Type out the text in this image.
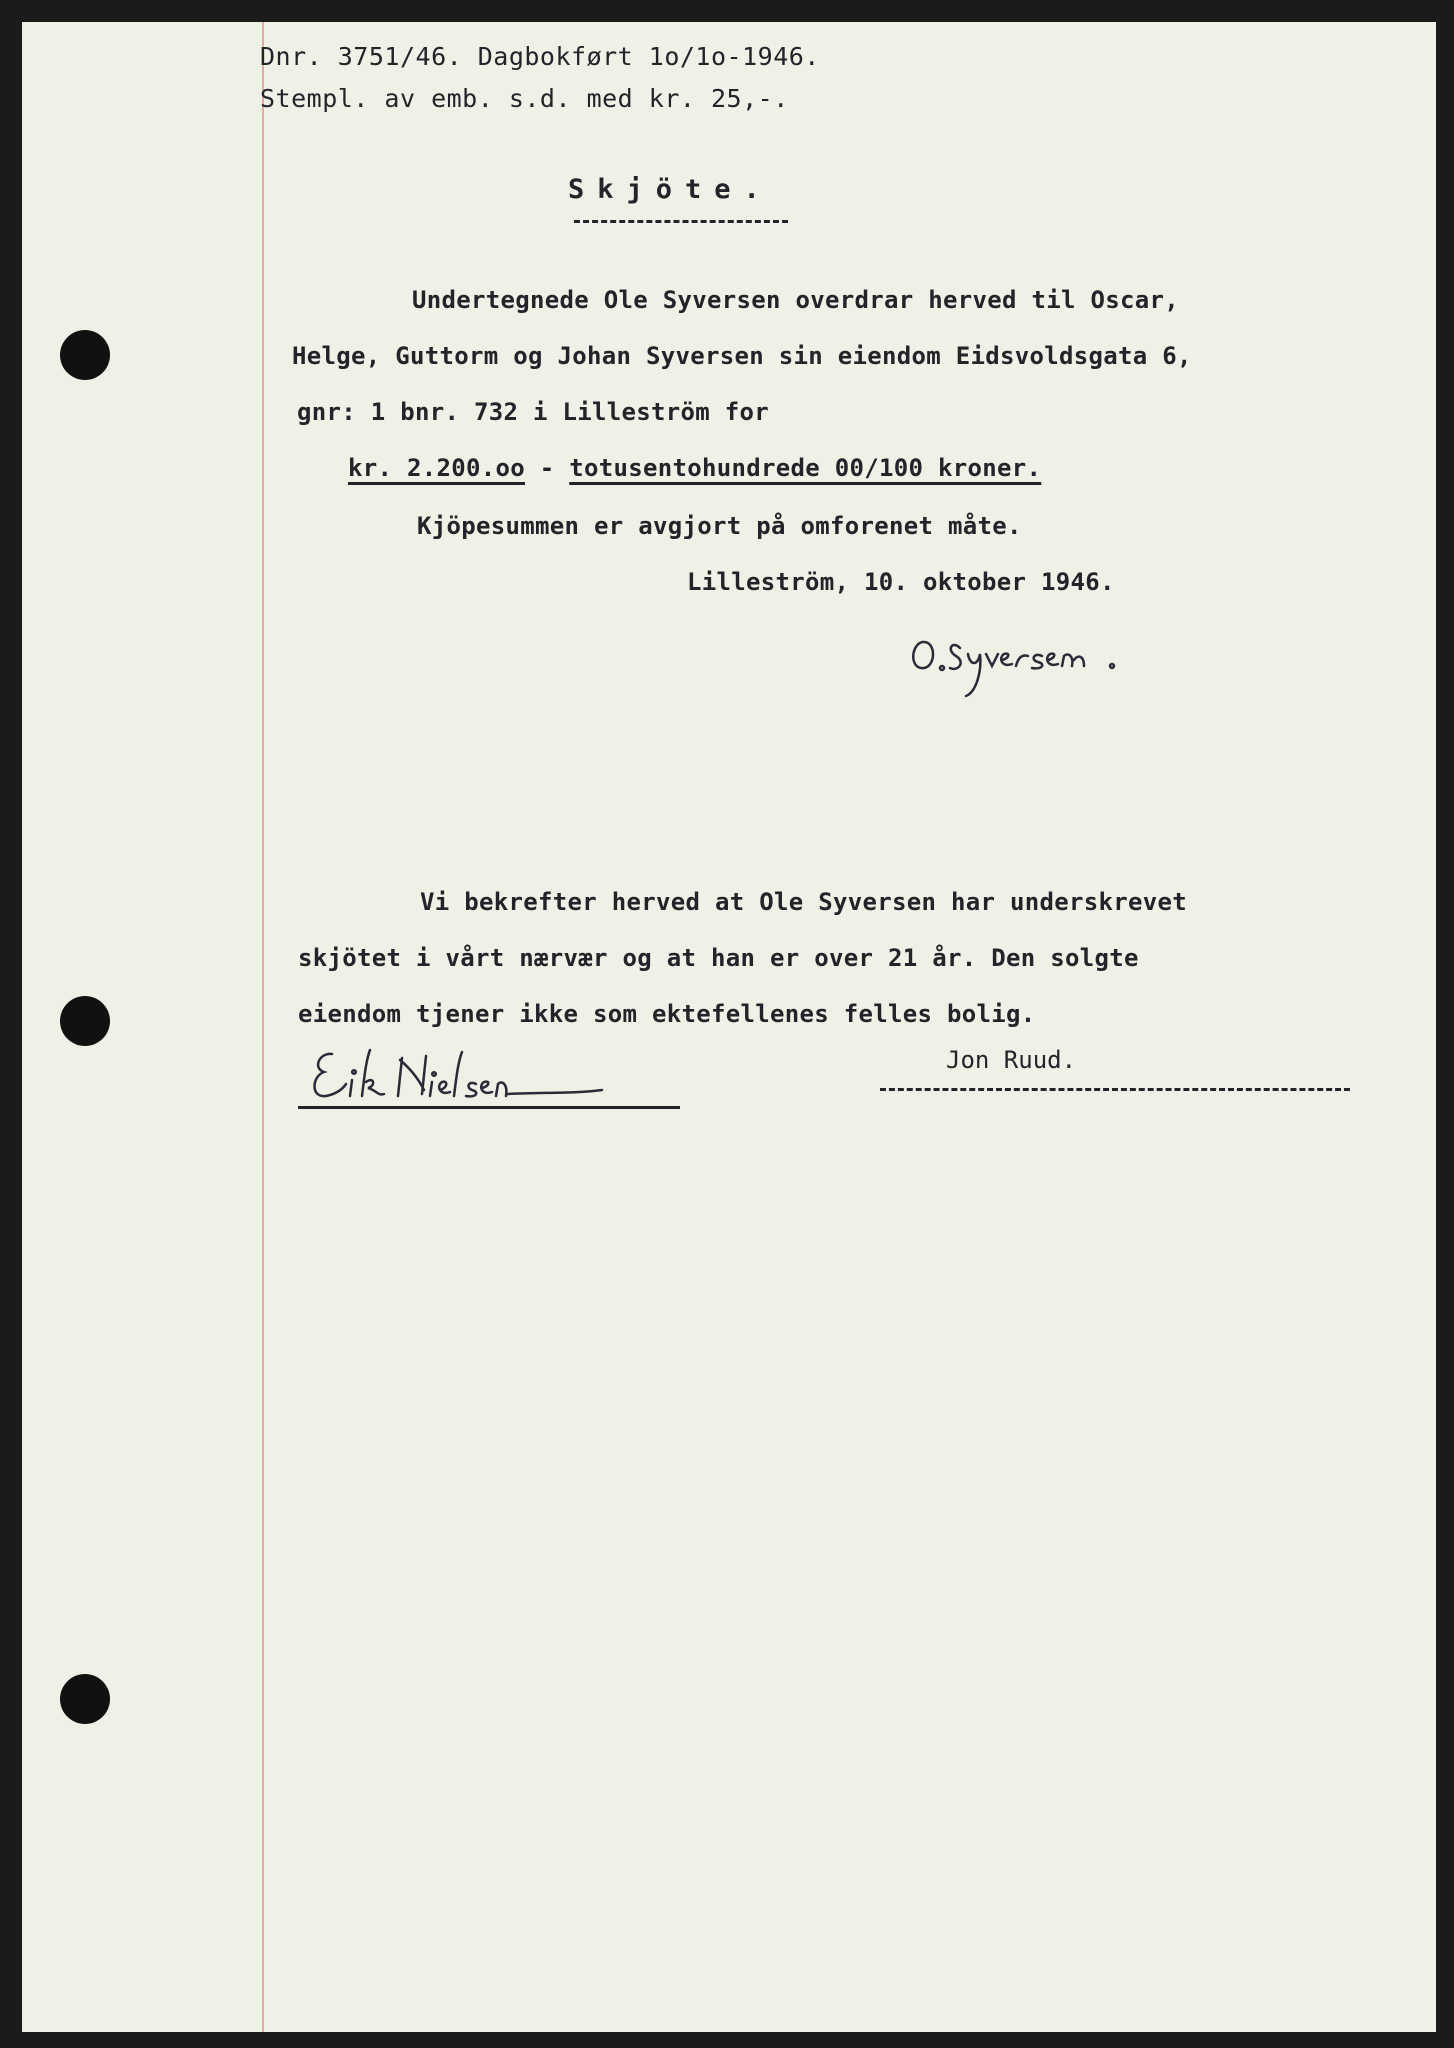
Dnr. 3751/46. Dagbokført 1o/1o-1946.
Stempl. av emb. s.d. med kr. 25,-.
Skjöte.
Undertegnede Ole Syversen overdrar herved til Oscar,
Helge, Guttorm og Johan Syversen sin eiendom Eidsvoldsgata 6,
gnr: 1 bnr. 732 i Lilleström for
kr. 2.200.oo - totusentohundrede 00/100 kroner.
Kjöpesummen er avgjort på omforenet måte.
Lilleström, 10. oktober 1946.
Vi bekrefter herved at Ole Syversen har underskrevet
skjötet i vårt nærvær og at han er over 21 år. Den solgte
eiendom tjener ikke som ektefellenes felles bolig.
Jon Ruud.
